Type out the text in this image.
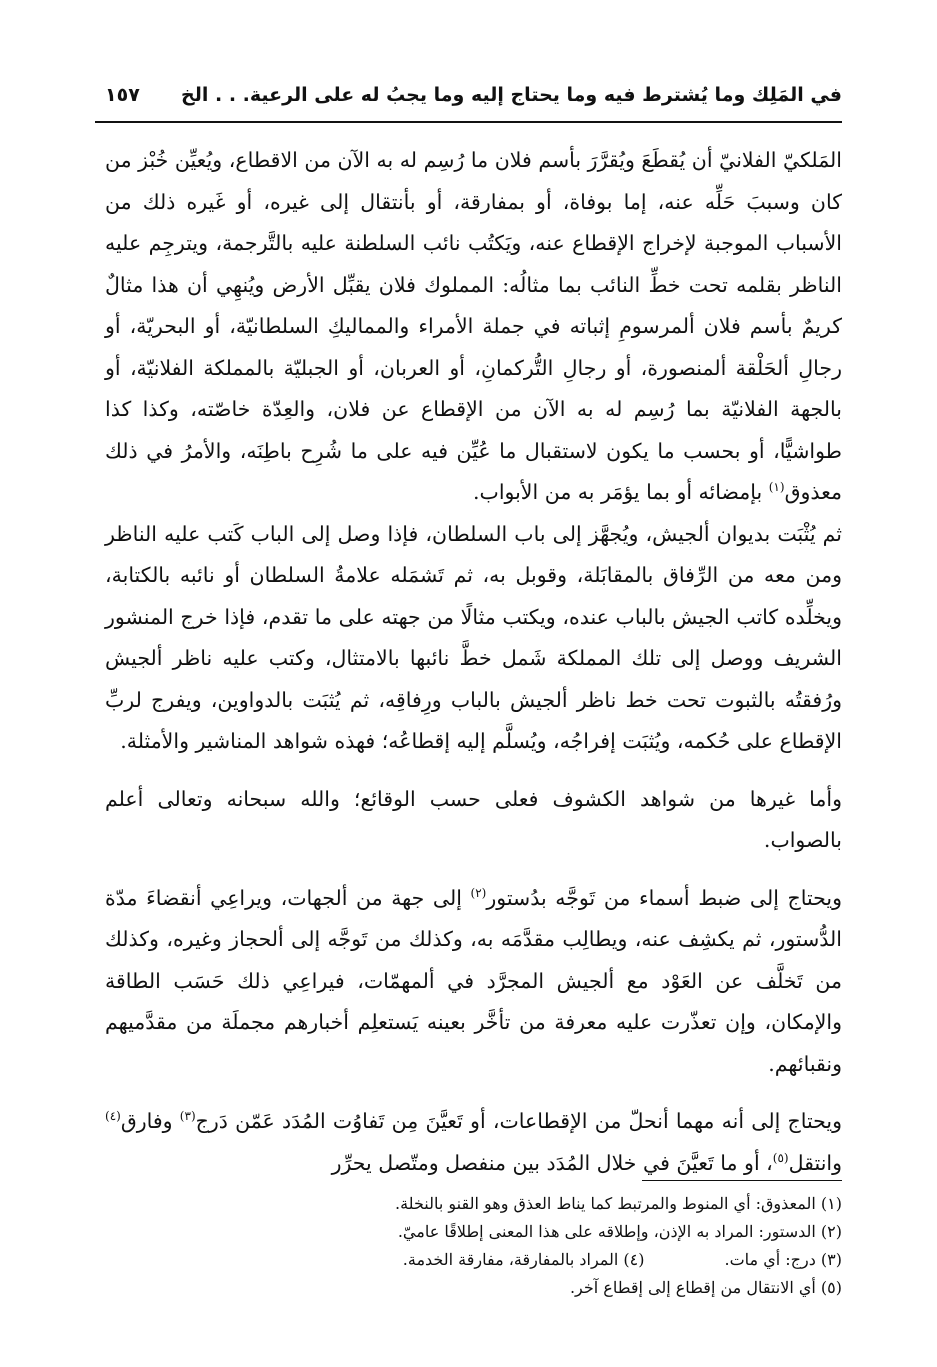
في المَلِك وما يُشترط فيه وما يحتاج إليه وما يجبُ له على الرعية. . . الخ
١٥٧

المَلكيّ الفلانيّ أن يُقطَعَ ويُقرَّرَ بأسم فلان ما رُسِم له به الآن من الاقطاع، ويُعيِّن خُبْز من كان وسببَ حَلِّه عنه، إما بوفاة، أو بمفارقة، أو بأنتقال إلى غيره، أو غَيره ذلك من الأسباب الموجبة لإخراج الإقطاع عنه، ويَكتُب نائب السلطنة عليه بالتَّرجمة، ويترجِم عليه الناظر بقلمه تحت خطِّ النائب بما مثالُه: المملوك فلان يقبِّل الأرض ويُنهِي أن هذا مثالٌ كريمٌ بأسم فلان ألمرسومِ إثباته في جملة الأمراء والمماليكِ السلطانيّة، أو البحريّة، أو رجالِ ألحَلْقة ألمنصورة، أو رجالِ التُّركمانِ، أو العربان، أو الجبليّة بالمملكة الفلانيّة، أو بالجهة الفلانيّة بما رُسِم له به الآن من الإقطاع عن فلان، والعِدّة خاصّته، وكذا كذا طواشيًّا، أو بحسب ما يكون لاستقبال ما عُيِّن فيه على ما شُرِح باطِنَه، والأمرُ في ذلك معذوق$^{(١)}$ بإمضائه أو بما يؤمَر به من الأبواب.

ثم يُثْبَت بديوان ألجيش، ويُجهَّز إلى باب السلطان، فإذا وصل إلى الباب كَتب عليه الناظر ومن معه من الرِّفاق بالمقابَلة، وقوبل به، ثم تَشمَله علامةُ السلطان أو نائبه بالكتابة، ويخلِّده كاتب الجيش بالباب عنده، ويكتب مثالًا من جهته على ما تقدم، فإذا خرج المنشور الشريف ووصل إلى تلك المملكة شَمل خطَّ نائبها بالامتثال، وكتب عليه ناظر ألجيش ورُفقتُه بالثبوت تحت خط ناظر ألجيش بالباب ورِفاقِه، ثم يُثبَت بالدواوين، ويفرج لربِّ الإقطاع على حُكمه، ويُثبَت إفراجُه، ويُسلَّم إليه إقطاعُه؛ فهذه شواهد المناشير والأمثلة.

وأما غيرها من شواهد الكشوف فعلى حسب الوقائع؛ والله سبحانه وتعالى أعلم بالصواب.

ويحتاج إلى ضبط أسماء من تَوجَّه بدُستور$^{(٢)}$ إلى جهة من ألجهات، ويراعِي أنقضاءَ مدّة الدُّستور، ثم يكشِف عنه، ويطالِب مقدَّمَه به، وكذلك من تَوجَّه إلى ألحجاز وغيره، وكذلك من تَخلَّف عن العَوْد مع ألجيش المجرَّد في ألمهمّات، فيراعِي ذلك حَسَب الطاقة والإمكان، وإن تعذّرت عليه معرفة من تأخَّر بعينه يَستعلِم أخبارهم مجملَة من مقدَّميهم ونقبائهم.

ويحتاج إلى أنه مهما أنحلّ من الإقطاعات، أو تَعيَّنَ مِن تَفاوُت المُدَد عَمّن دَرج$^{(٣)}$ وفارق$^{(٤)}$ وانتقل$^{(٥)}$، أو ما تَعيَّنَ في خلال المُدَد بين منفصل ومتّصل يحرِّر

(١) المعذوق: أي المنوط والمرتبط كما يناط العذق وهو القنو بالنخلة.
(٢) الدستور: المراد به الإذن، وإطلاقه على هذا المعنى إطلاقًا عاميّ.
(٣) درج: أي مات.
(٤) المراد بالمفارقة، مفارقة الخدمة.
(٥) أي الانتقال من إقطاع إلى إقطاع آخر.
